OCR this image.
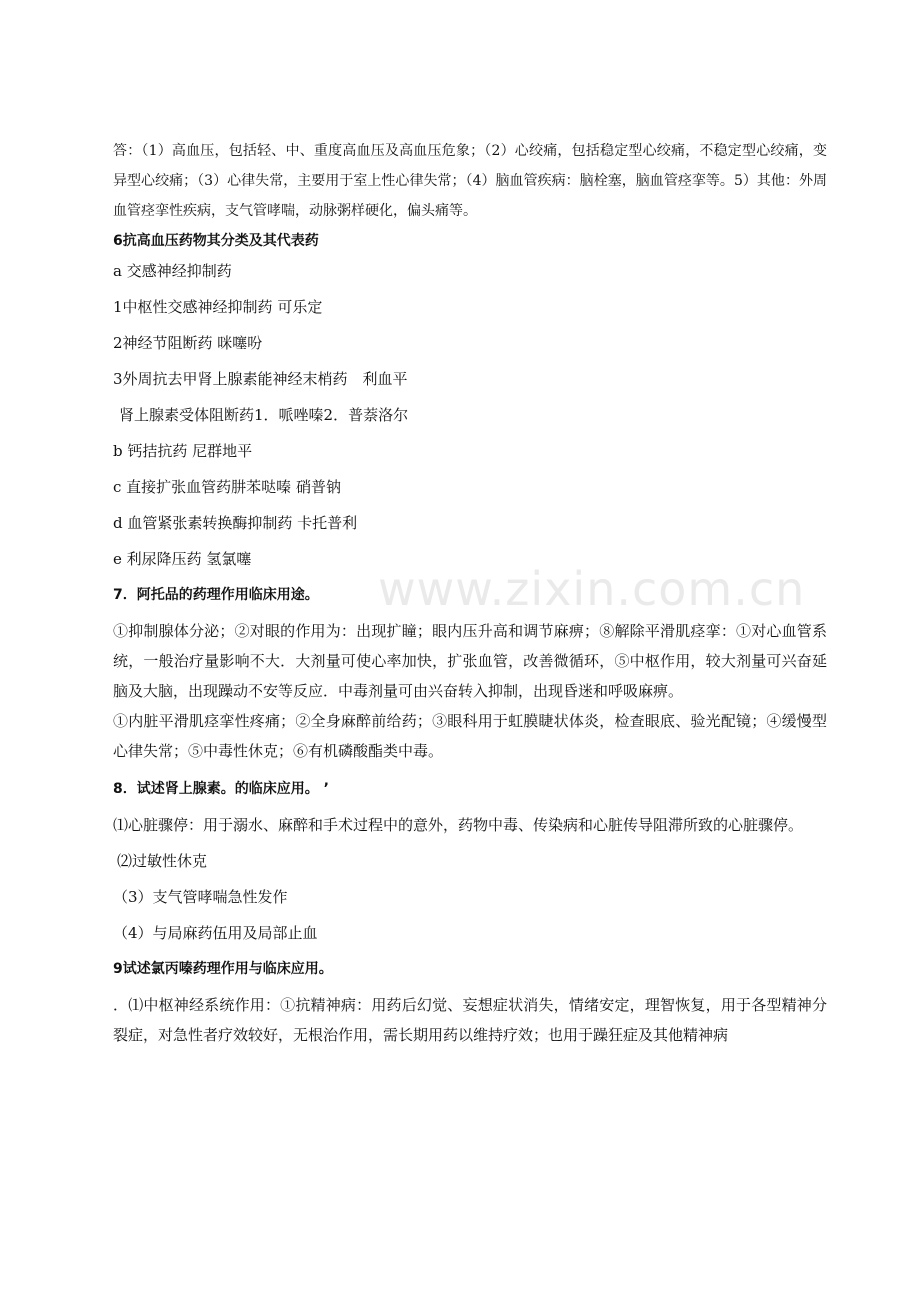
www.zixin.com.cn

答：（1）高血压，包括轻、中、重度高血压及高血压危象；（2）心绞痛，包括稳定型心绞痛，不稳定型心绞痛，变异型心绞痛；（3）心律失常，主要用于室上性心律失常；（4）脑血管疾病：脑栓塞，脑血管痉挛等。5）其他：外周血管痉挛性疾病，支气管哮喘，动脉粥样硬化，偏头痛等。

6抗高血压药物其分类及其代表药

a 交感神经抑制药

1中枢性交感神经抑制药 可乐定

2神经节阻断药 咪噻吩

3外周抗去甲肾上腺素能神经末梢药　利血平

肾上腺素受体阻断药1．哌唑嗪2．普萘洛尔

b 钙拮抗药 尼群地平

c 直接扩张血管药肼苯哒嗪 硝普钠

d 血管紧张素转换酶抑制药 卡托普利

e 利尿降压药 氢氯噻

7．阿托品的药理作用临床用途。

①抑制腺体分泌；②对眼的作用为：出现扩瞳；眼内压升高和调节麻痹；⑧解除平滑肌痉挛：①对心血管系统，一般治疗量影响不大．大剂量可使心率加快，扩张血管，改善微循环，⑤中枢作用，较大剂量可兴奋延脑及大脑，出现躁动不安等反应．中毒剂量可由兴奋转入抑制，出现昏迷和呼吸麻痹。

①内脏平滑肌痉挛性疼痛；②全身麻醉前给药；③眼科用于虹膜睫状体炎，检查眼底、验光配镜；④缓慢型心律失常；⑤中毒性休克；⑥有机磷酸酯类中毒。

8．试述肾上腺素。的临床应用。 ’

⑴心脏骤停：用于溺水、麻醉和手术过程中的意外，药物中毒、传染病和心脏传导阻滞所致的心脏骤停。

⑵过敏性休克

（3）支气管哮喘急性发作

（4）与局麻药伍用及局部止血

9试述氯丙嗪药理作用与临床应用。

．⑴中枢神经系统作用：①抗精神病：用药后幻觉、妄想症状消失，情绪安定，理智恢复，用于各型精神分裂症，对急性者疗效较好，无根治作用，需长期用药以维持疗效；也用于躁狂症及其他精神病
